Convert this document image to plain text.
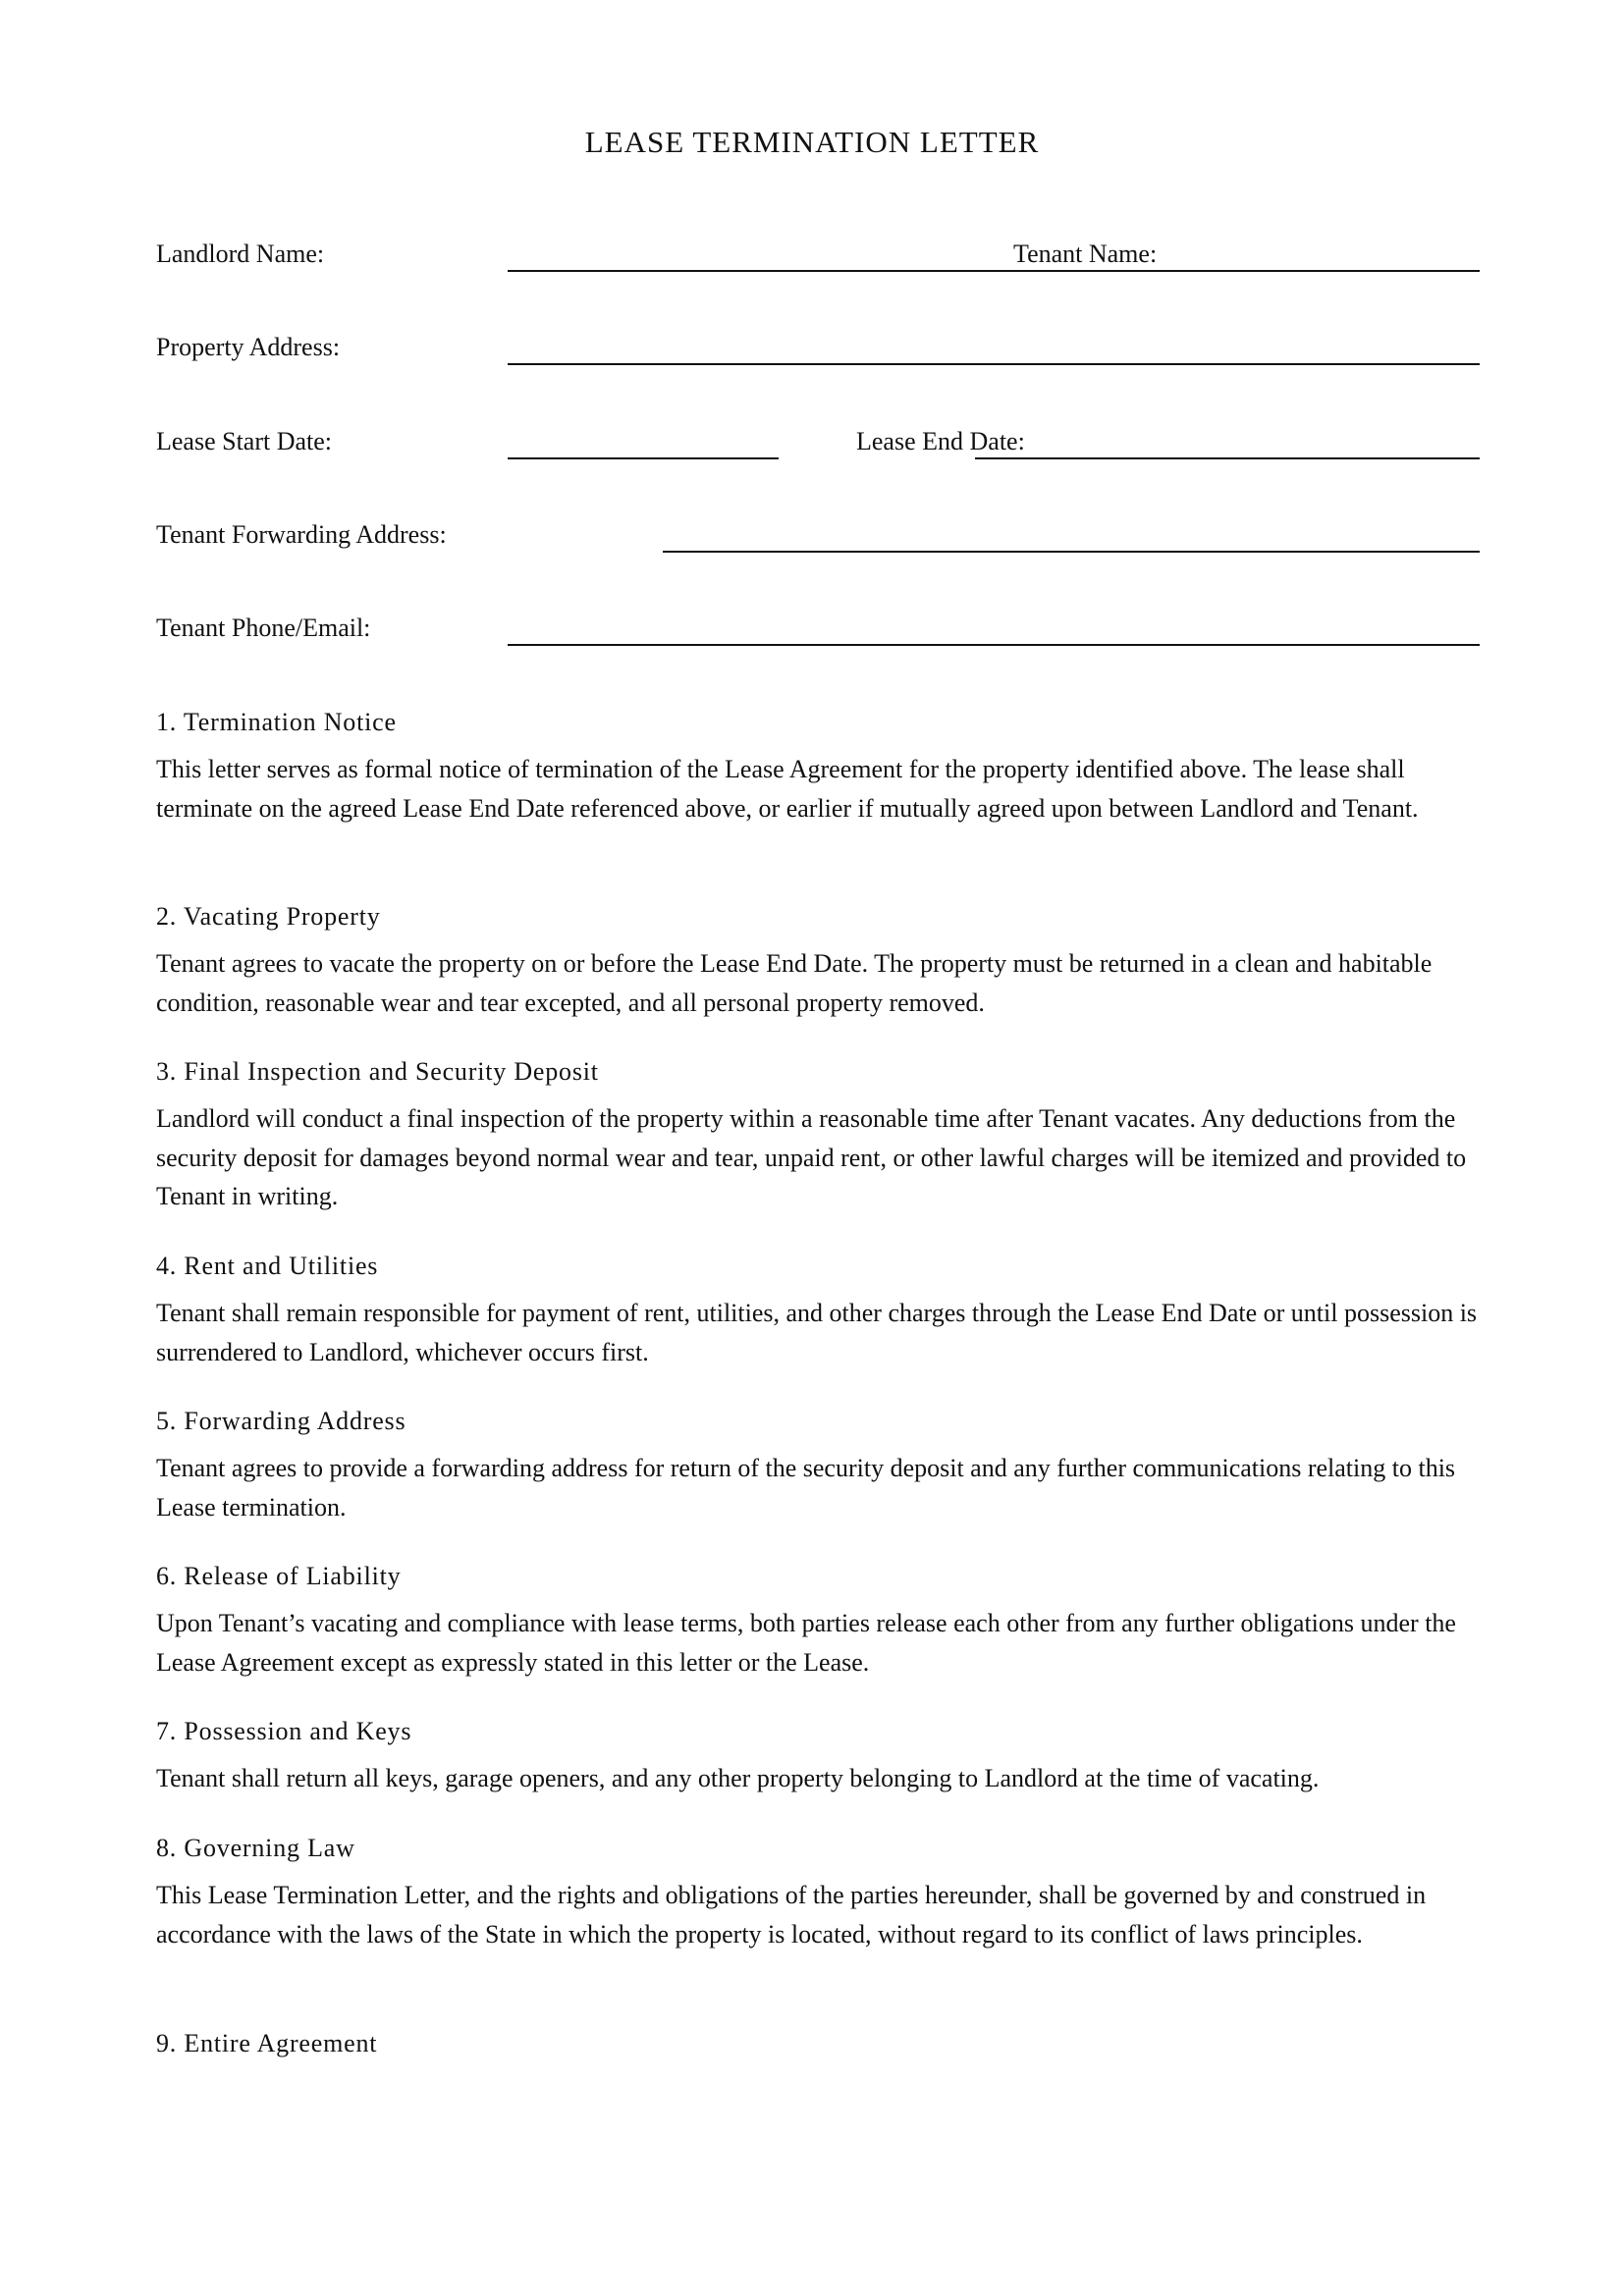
LEASE TERMINATION LETTER
Landlord Name:	Tenant Name:
Property Address:
Lease Start Date:	Lease End Date:
Tenant Forwarding Address:
Tenant Phone/Email:
1. Termination Notice

This letter serves as formal notice of termination of the Lease Agreement for the property identified above. The lease shall terminate on the agreed Lease End Date referenced above, or earlier if mutually agreed upon between Landlord and Tenant.

2. Vacating Property

Tenant agrees to vacate the property on or before the Lease End Date. The property must be returned in a clean and habitable condition, reasonable wear and tear excepted, and all personal property removed.

3. Final Inspection and Security Deposit

Landlord will conduct a final inspection of the property within a reasonable time after Tenant vacates. Any deductions from the security deposit for damages beyond normal wear and tear, unpaid rent, or other lawful charges will be itemized and provided to Tenant in writing.

4. Rent and Utilities

Tenant shall remain responsible for payment of rent, utilities, and other charges through the Lease End Date or until possession is surrendered to Landlord, whichever occurs first.

5. Forwarding Address

Tenant agrees to provide a forwarding address for return of the security deposit and any further communications relating to this Lease termination.

6. Release of Liability

Upon Tenant’s vacating and compliance with lease terms, both parties release each other from any further obligations under the Lease Agreement except as expressly stated in this letter or the Lease.

7. Possession and Keys

Tenant shall return all keys, garage openers, and any other property belonging to Landlord at the time of vacating.

8. Governing Law

This Lease Termination Letter, and the rights and obligations of the parties hereunder, shall be governed by and construed in accordance with the laws of the State in which the property is located, without regard to its conflict of laws principles.

9. Entire Agreement
